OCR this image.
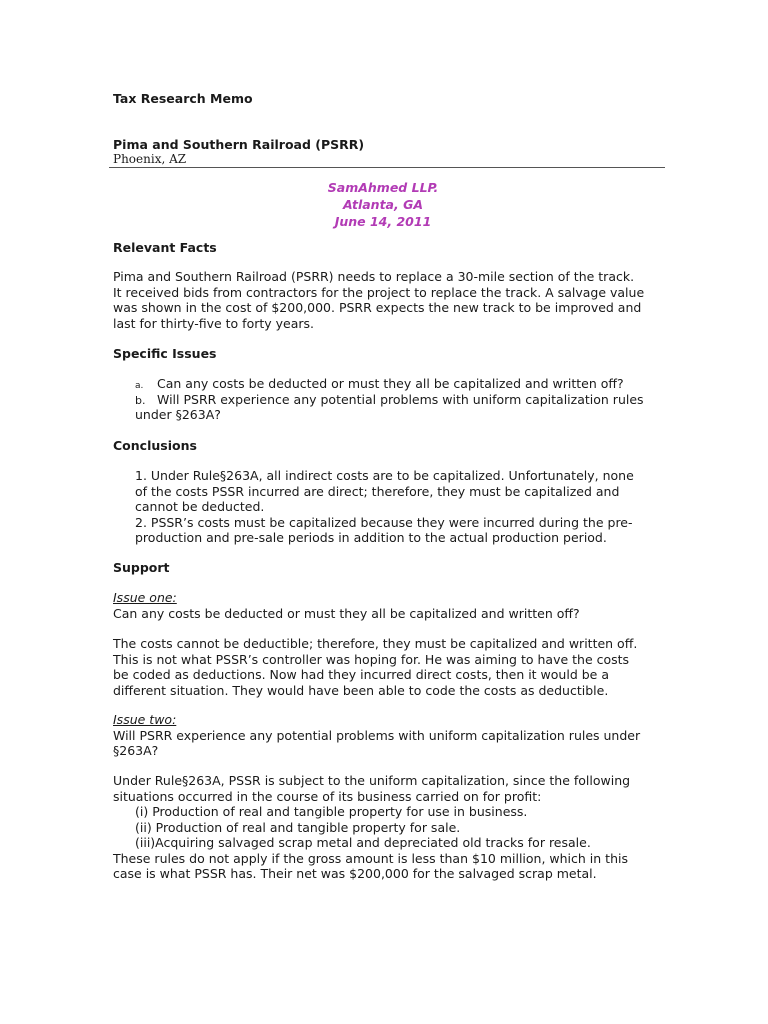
Tax Research Memo
Pima and Southern Railroad (PSRR)
Phoenix, AZ
SamAhmed LLP.
Atlanta, GA
June 14, 2011
Relevant Facts
Pima and Southern Railroad (PSRR) needs to replace a 30-mile section of the track.
It received bids from contractors for the project to replace the track. A salvage value
was shown in the cost of $200,000. PSRR expects the new track to be improved and
last for thirty-five to forty years.
Specific Issues
a. Can any costs be deducted or must they all be capitalized and written off?
b. Will PSRR experience any potential problems with uniform capitalization rules
under §263A?
Conclusions
1. Under Rule§263A, all indirect costs are to be capitalized. Unfortunately, none
of the costs PSSR incurred are direct; therefore, they must be capitalized and
cannot be deducted.
2. PSSR’s costs must be capitalized because they were incurred during the pre-
production and pre-sale periods in addition to the actual production period.
Support
Issue one:
Can any costs be deducted or must they all be capitalized and written off?
The costs cannot be deductible; therefore, they must be capitalized and written off.
This is not what PSSR’s controller was hoping for. He was aiming to have the costs
be coded as deductions. Now had they incurred direct costs, then it would be a
different situation. They would have been able to code the costs as deductible.
Issue two:
Will PSRR experience any potential problems with uniform capitalization rules under
§263A?
Under Rule§263A, PSSR is subject to the uniform capitalization, since the following
situations occurred in the course of its business carried on for profit:
(i) Production of real and tangible property for use in business.
(ii) Production of real and tangible property for sale.
(iii)Acquiring salvaged scrap metal and depreciated old tracks for resale.
These rules do not apply if the gross amount is less than $10 million, which in this
case is what PSSR has. Their net was $200,000 for the salvaged scrap metal.
